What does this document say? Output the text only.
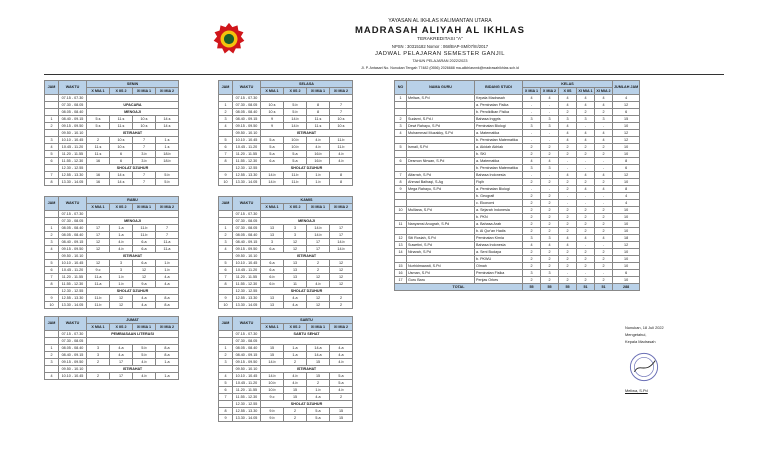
YAYASAN AL IKHLAS KALIMANTAN UTARA
MADRASAH ALIYAH AL IKHLAS
TERAKREDITASI "A"
NPSN : 30315182 Nomor : 068/BAP-SM/07/III/2017
JADWAL PELAJARAN SEMESTER GANJIL
TAHUN PELAJARAN 2022/2023
Jl. P. Antasari No. Nunukan Tengah 77482 (0556) 2026688 ma-alikhlasnnk@madrasahikhlas.sch.id
JAM	WAKTU	SENIN			
		X MIA 1	X IIS 2	XI MIA 1	XI MIA 2
	07.15 - 07.30				
	07.30 - 08.05	UPACARA			
	08.05 - 08.40	MENGAJI			
1	08.40 - 09.15	5.s	11.s	10.s	14.s
2	09.15 - 09.50	5.s	11.s	10.s	14.s
	09.50 - 10.10	ISTIRAHAT			
3	10.10 - 10.45	2	10.s	7	1.s
4	10.45 - 11.20	11.s	10.s	7	1.s
5	11.20 - 11.55	11.s	6	3.b	18.b
6	11.55 - 12.30	16	6	3.b	18.b
	12.30 - 12.55	SHOLAT DZUHUR			
7	12.55 - 13.30	16	14.s	7	5.b
8	13.30 - 14.05	16	14.s	7	5.b
JAM	WAKTU	SELASA			
		X MIA 1	X IIS 2	XI MIA 1	XI MIA 2
	07.15 - 07.30				
1	07.30 - 08.05	10.s	5.b	8	7
2	08.05 - 08.40	10.s	5.b	8	7
3	08.40 - 09.15	9	14.b	11.s	10.s
4	09.15 - 09.50	9	14.b	11.s	10.s
	09.50 - 10.10	ISTIRAHAT			
5	10.10 - 10.45	5.a	10.b	4.b	11.b
6	10.45 - 11.20	5.a	10.b	4.b	11.b
7	11.20 - 11.55	5.a	5.a	16.b	4.b
8	11.55 - 12.30	6.a	5.a	16.b	4.b
	12.30 - 12.55	SHOLAT DZUHUR			
9	12.55 - 13.30	14.b	11.b	1.b	8
10	13.30 - 14.05	14.b	11.b	1.b	8
JAM	WAKTU	RABU			
		X MIA 1	X IIS 2	XI MIA 1	XI MIA 2
	07.15 - 07.30				
	07.30 - 08.05	MENGAJI			
1	08.05 - 08.40	17	1.a	11.b	7
2	08.05 - 08.40	17	1.a	11.b	7
3	08.40 - 09.15	12	4.b	6.a	11.a
4	09.15 - 09.50	12	4.b	6.a	11.a
	09.50 - 10.10	ISTIRAHAT			
5	10.10 - 10.45	12	3	6.a	1.b
6	10.45 - 11.20	9.c	3	12	1.b
7	11.20 - 11.55	11.a	1.b	12	4.a
8	11.55 - 12.30	11.a	1.b	9.a	4.a
	12.30 - 12.55	SHOLAT DZUHUR			
9	12.55 - 13.30	11.b	12	4.a	8.a
10	13.30 - 14.05	11.b	12	4.a	8.a
JAM	WAKTU	KAMIS			
		X MIA 1	X IIS 2	XI MIA 1	XI MIA 2
	07.15 - 07.30				
	07.30 - 08.05	MENGAJI			
1	07.30 - 08.05	13	3	14.b	17
2	08.05 - 08.40	13	3	14.b	17
3	08.40 - 09.15	3	12	17	14.b
4	09.15 - 09.50	6.a	12	17	14.b
	09.50 - 10.10	ISTIRAHAT			
5	10.10 - 10.45	6.a	13	2	12
6	10.45 - 11.20	6.a	13	2	12
7	11.20 - 11.55	6.b	13	12	12
8	11.55 - 12.30	6.b	11	4.b	12
	12.30 - 12.55	SHOLAT DZUHUR			
9	12.55 - 13.30	13	4.a	12	2
10	13.30 - 14.05	13	4.a	12	2
JAM	WAKTU	JUMAT			
		X MIA 1	X IIS 2	XI MIA 1	XI MIA 2
	07.15 - 07.30	PEMBIASAAN LITERASI			
	07.30 - 08.05				
1	08.05 - 08.40	3	4.a	5.b	8.a
2	08.40 - 09.15	3	4.a	5.b	8.a
3	09.15 - 09.50	2	17	4.b	1.a
	09.50 - 10.10	ISTIRAHAT			
4	10.10 - 10.45	2	17	4.b	1.a
JAM	WAKTU	SABTU			
		X MIA 1	X IIS 2	XI MIA 1	XI MIA 2
	07.15 - 07.30	SABTU SEHAT			
	07.30 - 08.05				
1	08.05 - 08.40	15	1.a	14.a	4.a
2	08.40 - 09.15	15	1.a	14.a	4.a
3	09.15 - 09.50	14.b	2	15	4.b
	09.50 - 10.10	ISTIRAHAT			
4	10.10 - 10.45	14.b	4.b	15	5.a
5	10.45 - 11.20	10.b	4.b	2	5.a
6	11.20 - 11.55	10.b	15	1.b	4.b
7	11.55 - 12.30	9.c	15	4.a	2
	12.30 - 12.55	SHOLAT DZUHUR			
8	12.55 - 13.30	9.b	2	5.a	15
9	13.30 - 14.05	9.b	2	5.a	15
NO	NAMA GURU	BIDANG STUDI	KELAS					JUMLAH JAM
			X MIA 1	X MIA 2	X IIS	XI MIA 1	XI MIA 2	
1	Meliwa, S.Pd	Kepala Madrasah	4	4	4	4	4	4
		a. Peminatan Fisika	-	-	4	4	4	12
		b. Pendidikan Fisika	-	-	2	2	2	6
2	Sudarni, S.Pd.I	Bahasa Inggris	3	3	3	3	3	15
3	Dewi Rahayu, S.Pd	Peminatan Biologi	3	3	4	-	-	10
4	Muhammad Muzakky, S.Pd	a. Matematika	-	-	4	4	4	12
		b. Peminatan Matematika	-	-	4	4	4	12
5	Ismail, S.Pd	a. Akidah Akhlak	2	2	2	2	2	10
		b. SKI	2	2	2	2	2	10
6	Desmon Nirwan, S.Pd	a. Matematika	4	4	-	-	-	8
		b. Peminatan Matematika	3	3	-	-	-	6
7	Alfarrah, S.Pd	Bahasa Indonesia	-	-	4	4	4	12
8	Ahmad Baihaqi, S.Ag	Fiqih	2	2	2	2	2	10
9	Mega Rahayu, S.Pd	a. Peminatan Biologi	-	-	2	4	4	8
		b. Geografi	2	2	-	-	-	4
		c. Ekonomi	2	2	-	-	-	4
10	Mulliana, S.Pd	a. Sejarah Indonesia	2	2	2	2	2	10
		b. PKN	2	2	2	2	2	10
11	Nanyamsi Anugrah, S.Pd	a. Bahasa Arab	2	2	2	2	2	10
		b. Al Qur'an Hadis	2	2	2	2	2	10
12	Siti Rosiah, S.Pd	Peminatan Kimia	3	3	4	4	4	18
13	Suwetini, S.Pd	Bahasa Indonesia	4	4	4	-	-	12
14	Ninarah, S.Pd	a. Seni Budaya	2	2	2	2	2	10
		b. PKWU	2	2	2	2	2	10
15	Nurhidmawati, S.Pd	Olmah	2	2	2	2	2	10
16	Usman, S.Pd	Peminatan Fisika	3	3	-	-	-	6
17	Guru Baru	Penjas Orkes	2	2	2	2	2	10
TOTAL			55	55	55	51	51	288
Nunukan, 18 Juli 2022
Mengetahui,
Kepala Madrasah
Meliwa, S.Pd
